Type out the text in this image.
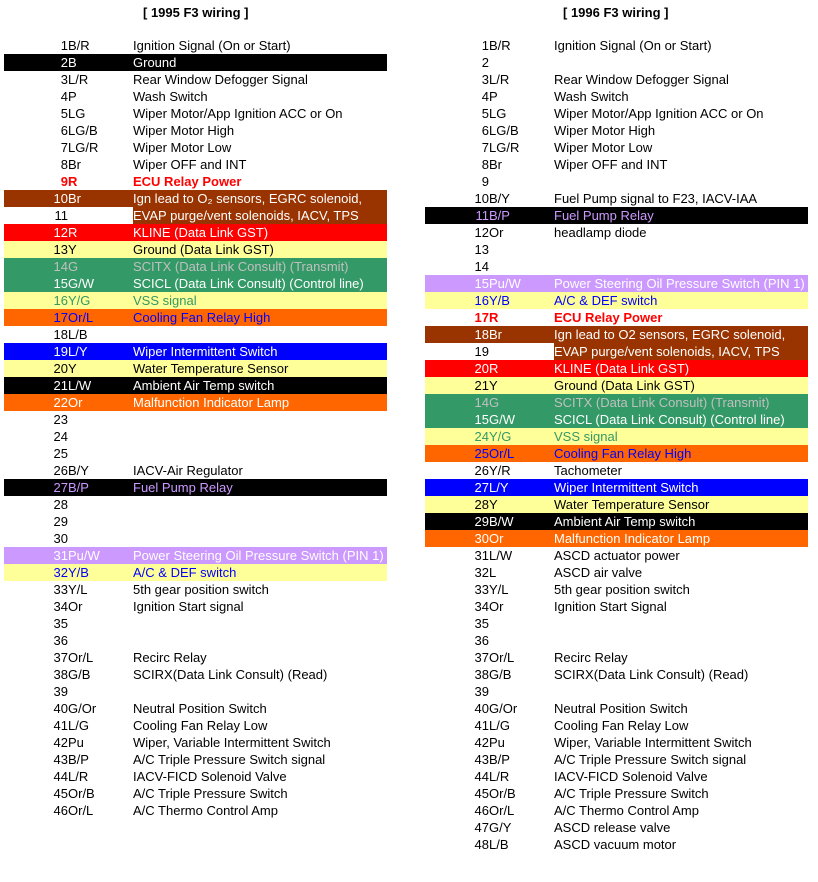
[ 1995 F3 wiring ]	[ 1996 F3 wiring ]
1 B/R	Ignition Signal (On or Start)
2 B	Ground
3 L/R	Rear Window Defogger Signal
4 P	Wash Switch
5 LG	Wiper Motor/App Ignition ACC or On
6 LG/B	Wiper Motor High
7 LG/R	Wiper Motor Low
8 Br	Wiper OFF and INT
9 R	ECU Relay Power
10 Br	Ign lead to O₂ sensors, EGRC solenoid,
11	EVAP purge/vent solenoids, IACV, TPS
12 R	KLINE (Data Link GST)
13 Y	Ground (Data Link GST)
14 G	SCITX (Data Link Consult) (Transmit)
15 G/W	SCICL (Data Link Consult) (Control line)
16 Y/G	VSS signal
17 Or/L	Cooling Fan Relay High
18 L/B
19 L/Y	Wiper Intermittent Switch
20 Y	Water Temperature Sensor
21 L/W	Ambient Air Temp switch
22 Or	Malfunction Indicator Lamp
23
24
25
26 B/Y	IACV-Air Regulator
27 B/P	Fuel Pump Relay
28
29
30
31 Pu/W	Power Steering Oil Pressure Switch (PIN 1)
32 Y/B	A/C & DEF switch
33 Y/L	5th gear position switch
34 Or	Ignition Start signal
35
36
37 Or/L	Recirc Relay
38 G/B	SCIRX(Data Link Consult) (Read)
39
40 G/Or	Neutral Position Switch
41 L/G	Cooling Fan Relay Low
42 Pu	Wiper, Variable Intermittent Switch
43 B/P	A/C Triple Pressure Switch signal
44 L/R	IACV-FICD Solenoid Valve
45 Or/B	A/C Triple Pressure Switch
46 Or/L	A/C Thermo Control Amp
1 B/R	Ignition Signal (On or Start)
2
3 L/R	Rear Window Defogger Signal
4 P	Wash Switch
5 LG	Wiper Motor/App Ignition ACC or On
6 LG/B	Wiper Motor High
7 LG/R	Wiper Motor Low
8 Br	Wiper OFF and INT
9
10 B/Y	Fuel Pump signal to F23, IACV-IAA
11 B/P	Fuel Pump Relay
12 Or	headlamp diode
13
14
15 Pu/W	Power Steering Oil Pressure Switch (PIN 1)
16 Y/B	A/C & DEF switch
17 R	ECU Relay Power
18 Br	Ign lead to O2 sensors, EGRC solenoid,
19	EVAP purge/vent solenoids, IACV, TPS
20 R	KLINE (Data Link GST)
21 Y	Ground (Data Link GST)
14 G	SCITX (Data Link Consult) (Transmit)
15 G/W	SCICL (Data Link Consult) (Control line)
24 Y/G	VSS signal
25 Or/L	Cooling Fan Relay High
26 Y/R	Tachometer
27 L/Y	Wiper Intermittent Switch
28 Y	Water Temperature Sensor
29 B/W	Ambient Air Temp switch
30 Or	Malfunction Indicator Lamp
31 L/W	ASCD actuator power
32 L	ASCD air valve
33 Y/L	5th gear position switch
34 Or	Ignition Start Signal
35
36
37 Or/L	Recirc Relay
38 G/B	SCIRX(Data Link Consult) (Read)
39
40 G/Or	Neutral Position Switch
41 L/G	Cooling Fan Relay Low
42 Pu	Wiper, Variable Intermittent Switch
43 B/P	A/C Triple Pressure Switch signal
44 L/R	IACV-FICD Solenoid Valve
45 Or/B	A/C Triple Pressure Switch
46 Or/L	A/C Thermo Control Amp
47 G/Y	ASCD release valve
48 L/B	ASCD vacuum motor
